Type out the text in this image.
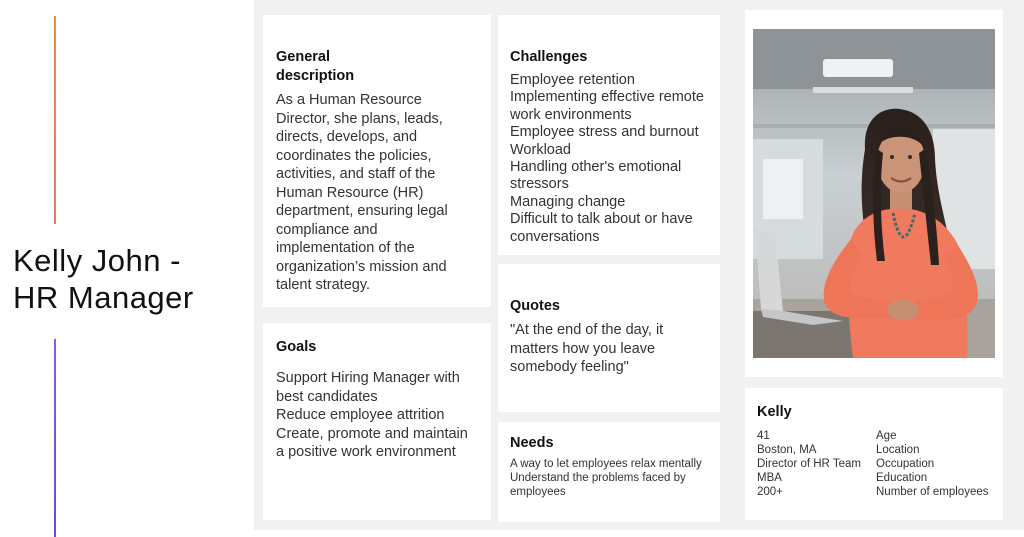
Kelly John -
HR Manager
General
description
As a Human Resource
Director, she plans, leads,
directs, develops, and
coordinates the policies,
activities, and staff of the
Human Resource (HR)
department, ensuring legal
compliance and
implementation of the
organization’s mission and
talent strategy.
Goals
Support Hiring Manager with
best candidates
Reduce employee attrition
Create, promote and maintain
a positive work environment
Challenges
Employee retention
Implementing effective remote
work environments
Employee stress and burnout
Workload
Handling other's emotional
stressors
Managing change
Difficult to talk about or have
conversations
Quotes
"At the end of the day, it
matters how you leave
somebody feeling"
Needs
A way to let employees relax mentally
Understand the problems faced by
employees
Kelly
41	Age
Boston, MA	Location
Director of HR Team	Occupation
MBA	Education
200+	Number of employees
